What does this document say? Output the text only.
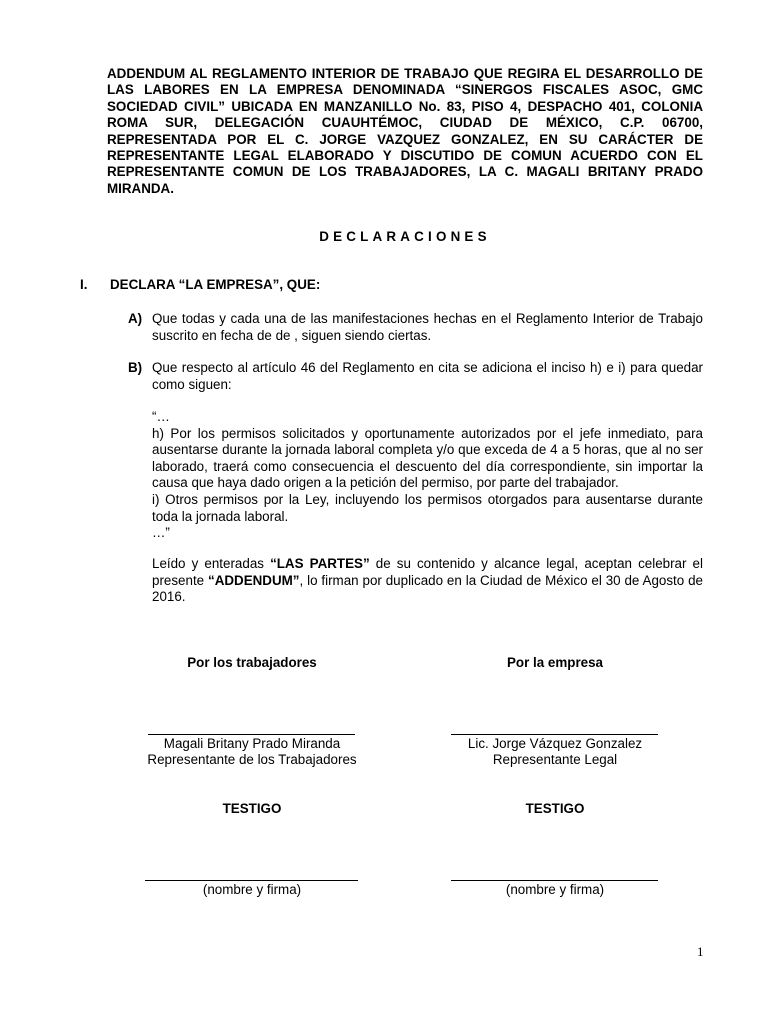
ADDENDUM AL REGLAMENTO INTERIOR DE TRABAJO QUE REGIRA EL DESARROLLO DE LAS LABORES EN LA EMPRESA DENOMINADA “SINERGOS FISCALES ASOC, GMC SOCIEDAD CIVIL” UBICADA EN MANZANILLO No. 83, PISO 4, DESPACHO 401, COLONIA ROMA SUR, DELEGACIÓN CUAUHTÉMOC, CIUDAD DE MÉXICO, C.P. 06700, REPRESENTADA POR EL C. JORGE VAZQUEZ GONZALEZ, EN SU CARÁCTER DE REPRESENTANTE LEGAL ELABORADO Y DISCUTIDO DE COMUN ACUERDO CON EL REPRESENTANTE COMUN DE LOS TRABAJADORES, LA C. MAGALI BRITANY PRADO MIRANDA.

DECLARACIONES
I. DECLARA “LA EMPRESA”, QUE:
A) Que todas y cada una de las manifestaciones hechas en el Reglamento Interior de Trabajo suscrito en fecha de de , siguen siendo ciertas.

B) Que respecto al artículo 46 del Reglamento en cita se adiciona el inciso h) e i) para quedar como siguen:

“…

h) Por los permisos solicitados y oportunamente autorizados por el jefe inmediato, para ausentarse durante la jornada laboral completa y/o que exceda de 4 a 5 horas, que al no ser laborado, traerá como consecuencia el descuento del día correspondiente, sin importar la causa que haya dado origen a la petición del permiso, por parte del trabajador.

i) Otros permisos por la Ley, incluyendo los permisos otorgados para ausentarse durante toda la jornada laboral.

…”

Leído y enteradas “LAS PARTES” de su contenido y alcance legal, aceptan celebrar el presente “ADDENDUM”, lo firman por duplicado en la Ciudad de México el 30 de Agosto de 2016.

Por los trabajadores
Magali Britany Prado Miranda
Representante de los Trabajadores
Por la empresa
Lic. Jorge Vázquez Gonzalez
Representante Legal
TESTIGO
(nombre y firma)
TESTIGO
(nombre y firma)
1
